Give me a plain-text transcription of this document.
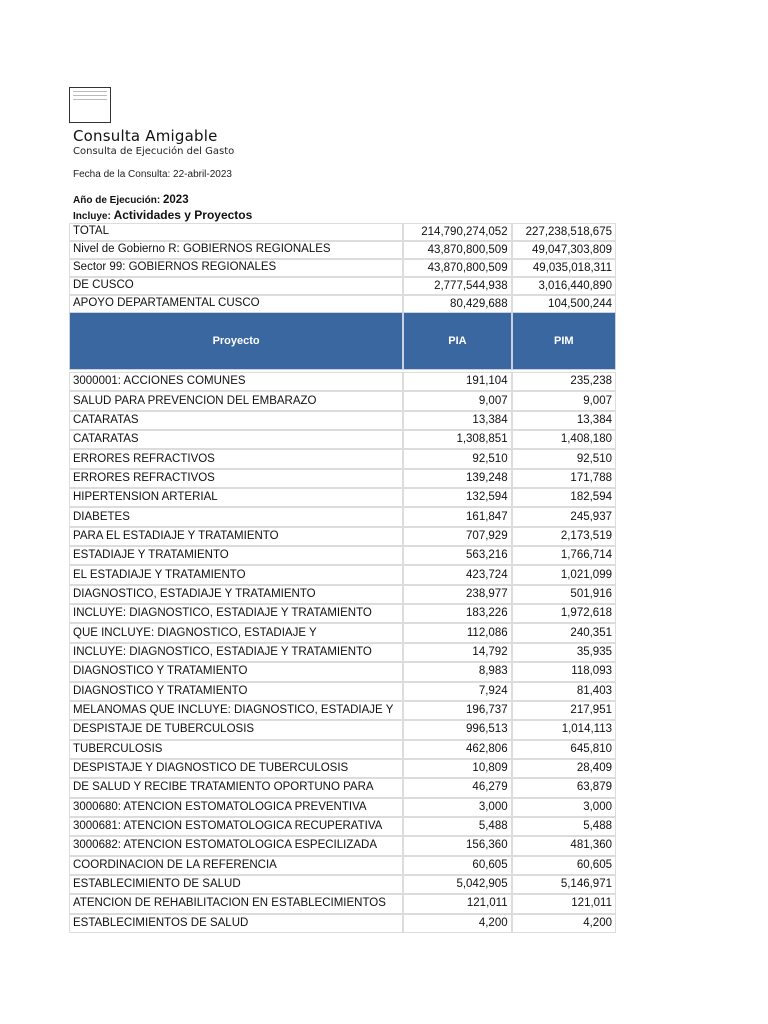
Consulta Amigable
Consulta de Ejecución del Gasto
Fecha de la Consulta: 22-abril-2023
Año de Ejecución: 2023
Incluye: Actividades y Proyectos
TOTAL	214,790,274,052	227,238,518,675
Nivel de Gobierno R: GOBIERNOS REGIONALES	43,870,800,509	49,047,303,809
Sector 99: GOBIERNOS REGIONALES	43,870,800,509	49,035,018,311
DE CUSCO	2,777,544,938	3,016,440,890
APOYO DEPARTAMENTAL CUSCO	80,429,688	104,500,244
Proyecto	PIA	PIM
3000001: ACCIONES COMUNES	191,104	235,238
SALUD PARA PREVENCION DEL EMBARAZO	9,007	9,007
CATARATAS	13,384	13,384
CATARATAS	1,308,851	1,408,180
ERRORES REFRACTIVOS	92,510	92,510
ERRORES REFRACTIVOS	139,248	171,788
HIPERTENSION ARTERIAL	132,594	182,594
DIABETES	161,847	245,937
PARA EL ESTADIAJE Y TRATAMIENTO	707,929	2,173,519
ESTADIAJE Y TRATAMIENTO	563,216	1,766,714
EL ESTADIAJE Y TRATAMIENTO	423,724	1,021,099
DIAGNOSTICO, ESTADIAJE Y TRATAMIENTO	238,977	501,916
INCLUYE: DIAGNOSTICO, ESTADIAJE Y TRATAMIENTO	183,226	1,972,618
QUE INCLUYE: DIAGNOSTICO, ESTADIAJE Y	112,086	240,351
INCLUYE: DIAGNOSTICO, ESTADIAJE Y TRATAMIENTO	14,792	35,935
DIAGNOSTICO Y TRATAMIENTO	8,983	118,093
DIAGNOSTICO Y TRATAMIENTO	7,924	81,403
MELANOMAS QUE INCLUYE: DIAGNOSTICO, ESTADIAJE Y	196,737	217,951
DESPISTAJE DE TUBERCULOSIS	996,513	1,014,113
TUBERCULOSIS	462,806	645,810
DESPISTAJE Y DIAGNOSTICO DE TUBERCULOSIS	10,809	28,409
DE SALUD Y RECIBE TRATAMIENTO OPORTUNO PARA	46,279	63,879
3000680: ATENCION ESTOMATOLOGICA PREVENTIVA	3,000	3,000
3000681: ATENCION ESTOMATOLOGICA RECUPERATIVA	5,488	5,488
3000682: ATENCION ESTOMATOLOGICA ESPECILIZADA	156,360	481,360
COORDINACION DE LA REFERENCIA	60,605	60,605
ESTABLECIMIENTO DE SALUD	5,042,905	5,146,971
ATENCION DE REHABILITACION EN ESTABLECIMIENTOS	121,011	121,011
ESTABLECIMIENTOS DE SALUD	4,200	4,200
